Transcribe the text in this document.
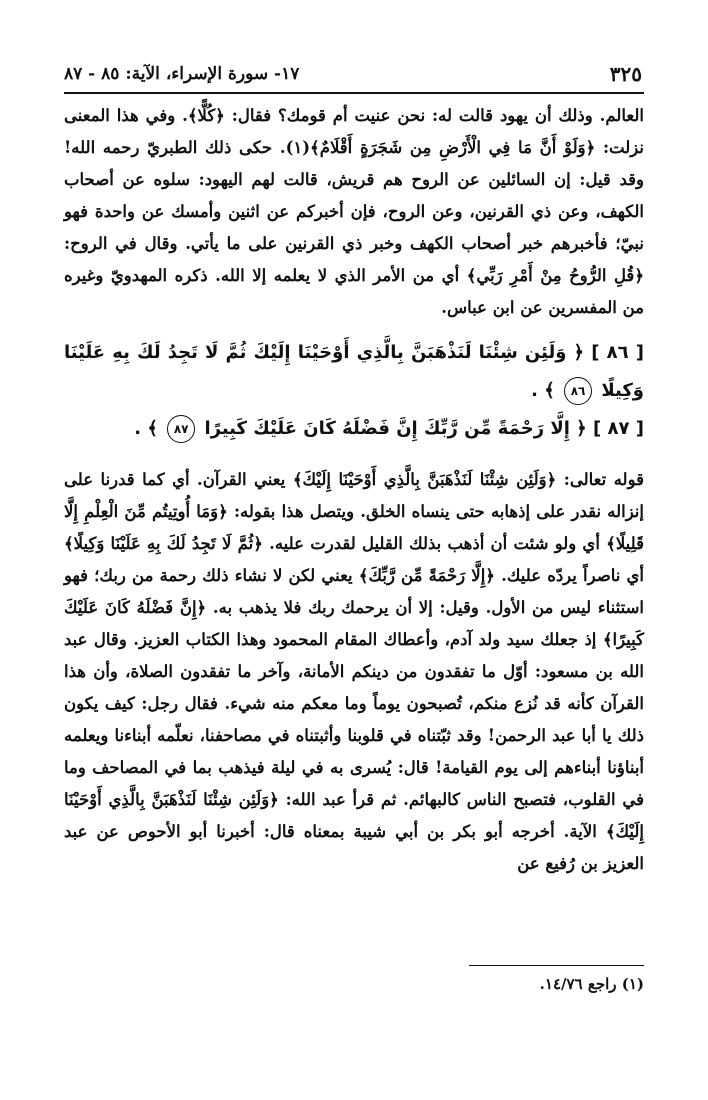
٣٢٥
١٧- سورة الإسراء، الآية: ٨٥ - ٨٧

العالم. وذلك أن يهود قالت له: نحن عنيت أم قومك؟ فقال: ﴿كُلًّا﴾. وفي هذا المعنى نزلت: ﴿وَلَوْ أَنَّ مَا فِي الْأَرْضِ مِن شَجَرَةٍ أَقْلَامٌ﴾(١). حكى ذلك الطبريّ رحمه الله! وقد قيل: إن السائلين عن الروح هم قريش، قالت لهم اليهود: سلوه عن أصحاب الكهف، وعن ذي القرنين، وعن الروح، فإن أخبركم عن اثنين وأمسك عن واحدة فهو نبيّ؛ فأخبرهم خبر أصحاب الكهف وخبر ذي القرنين على ما يأتي. وقال في الروح: ﴿قُلِ الرُّوحُ مِنْ أَمْرِ رَبِّي﴾ أي من الأمر الذي لا يعلمه إلا الله. ذكره المهدويّ وغيره من المفسرين عن ابن عباس.

[ ٨٦ ] ﴿ وَلَئِن شِئْنَا لَنَذْهَبَنَّ بِالَّذِي أَوْحَيْنَا إِلَيْكَ ثُمَّ لَا تَجِدُ لَكَ بِهِ عَلَيْنَا وَكِيلًا ٨٦ ﴾ .

[ ٨٧ ] ﴿ إِلَّا رَحْمَةً مِّن رَّبِّكَ إِنَّ فَضْلَهُ كَانَ عَلَيْكَ كَبِيرًا ٨٧ ﴾ .

قوله تعالى: ﴿وَلَئِن شِئْنَا لَنَذْهَبَنَّ بِالَّذِي أَوْحَيْنَا إِلَيْكَ﴾ يعني القرآن. أي كما قدرنا على إنزاله نقدر على إذهابه حتى ينساه الخلق. ويتصل هذا بقوله: ﴿وَمَا أُوتِيتُم مِّنَ الْعِلْمِ إِلَّا قَلِيلًا﴾ أي ولو شئت أن أذهب بذلك القليل لقدرت عليه. ﴿ثُمَّ لَا تَجِدُ لَكَ بِهِ عَلَيْنَا وَكِيلًا﴾ أي ناصراً يردّه عليك. ﴿إِلَّا رَحْمَةً مِّن رَّبِّكَ﴾ يعني لكن لا نشاء ذلك رحمة من ربك؛ فهو استثناء ليس من الأول. وقيل: إلا أن يرحمك ربك فلا يذهب به. ﴿إِنَّ فَضْلَهُ كَانَ عَلَيْكَ كَبِيرًا﴾ إذ جعلك سيد ولد آدم، وأعطاك المقام المحمود وهذا الكتاب العزيز. وقال عبد الله بن مسعود: أوّل ما تفقدون من دينكم الأمانة، وآخر ما تفقدون الصلاة، وأن هذا القرآن كأنه قد نُزع منكم، تُصبحون يوماً وما معكم منه شيء. فقال رجل: كيف يكون ذلك يا أبا عبد الرحمن! وقد ثبّتناه في قلوبنا وأثبتناه في مصاحفنا، نعلّمه أبناءنا ويعلمه أبناؤنا أبناءهم إلى يوم القيامة! قال: يُسرى به في ليلة فيذهب بما في المصاحف وما في القلوب، فتصبح الناس كالبهائم. ثم قرأ عبد الله: ﴿وَلَئِن شِئْنَا لَنَذْهَبَنَّ بِالَّذِي أَوْحَيْنَا إِلَيْكَ﴾ الآية. أخرجه أبو بكر بن أبي شيبة بمعناه قال: أخبرنا أبو الأحوص عن عبد العزيز بن رُفيع عن

(١) راجع ١٤/٧٦.
